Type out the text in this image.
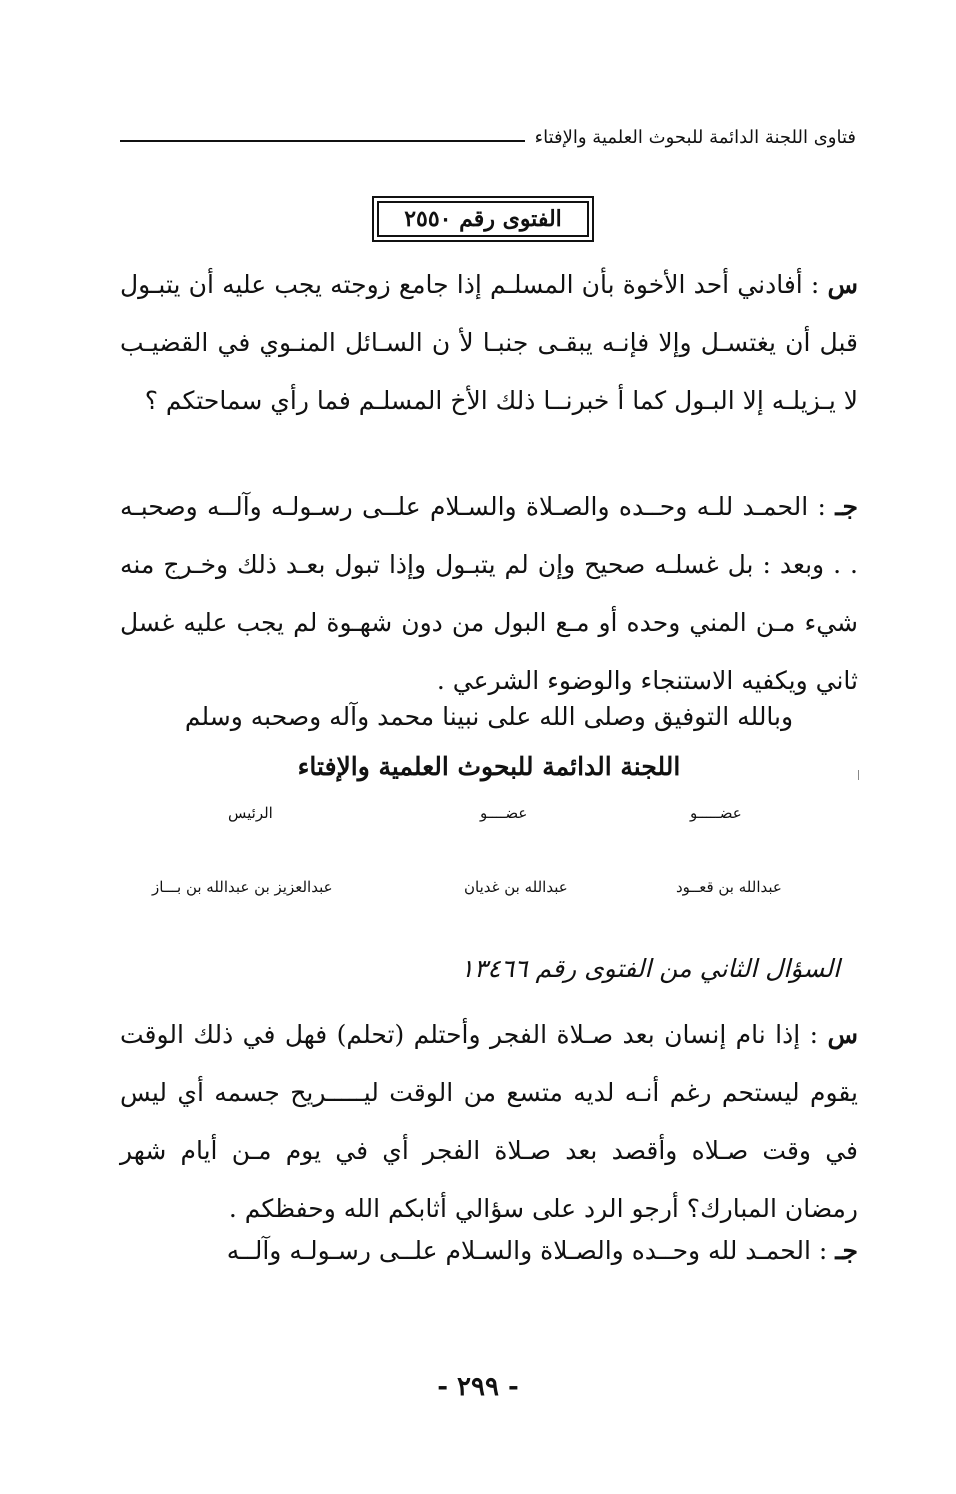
فتاوى اللجنة الدائمة للبحوث العلمية والإفتاء
الفتوى رقم ٢٥٥٠
س : أفادني أحد الأخوة بأن المسلـم إذا جامع زوجته يجب عليه أن يتبـول قبل أن يغتسـل وإلا فإنـه يبقـى جنبـا لأ ن السـائل المنـوي في القضيـب لا يـزيلـه إلا البـول كما أ خبرنــا ذلك الأخ المسلـم فما رأي سماحتكم ؟
جـ : الحمـد للـه وحــده والصـلاة والسـلام علــى رسـولـه وآلــه وصحبـه . . وبعد : بل غسلـه صحيح وإن لم يتبـول وإذا تبول بعـد ذلك وخـرج منه شيء مـن المني وحده أو مـع البول من دون شهـوة لم يجب عليه غسل ثاني ويكفيه الاستنجاء والوضوء الشرعي .
وبالله التوفيق وصلى الله على نبينا محمد وآله وصحبه وسلم
اللجنة الدائمة للبحوث العلمية والإفتاء
عضـــــو
عضــــو
الرئيس
عبدالله بن قعــود
عبدالله بن غديان
عبدالعزيز بن عبدالله بن بـــاز
السؤال الثاني من الفتوى رقم ١٣٤٦٦
س : إذا نام إنسان بعد صـلاة الفجر وأحتلم (تحلم) فهل في ذلك الوقت يقوم ليستحم رغم أنـه لديه متسع من الوقت ليـــــريح جسمه أي ليس في وقت صـلاه وأقصد بعد صـلاة الفجر أي في يوم مـن أيام شهر رمضان المبارك؟ أرجو الرد على سؤالي أثابكم الله وحفظكم .
جـ : الحمـد لله وحــده والصـلاة والسـلام علــى رسـولـه وآلــه
- ٢٩٩ -
